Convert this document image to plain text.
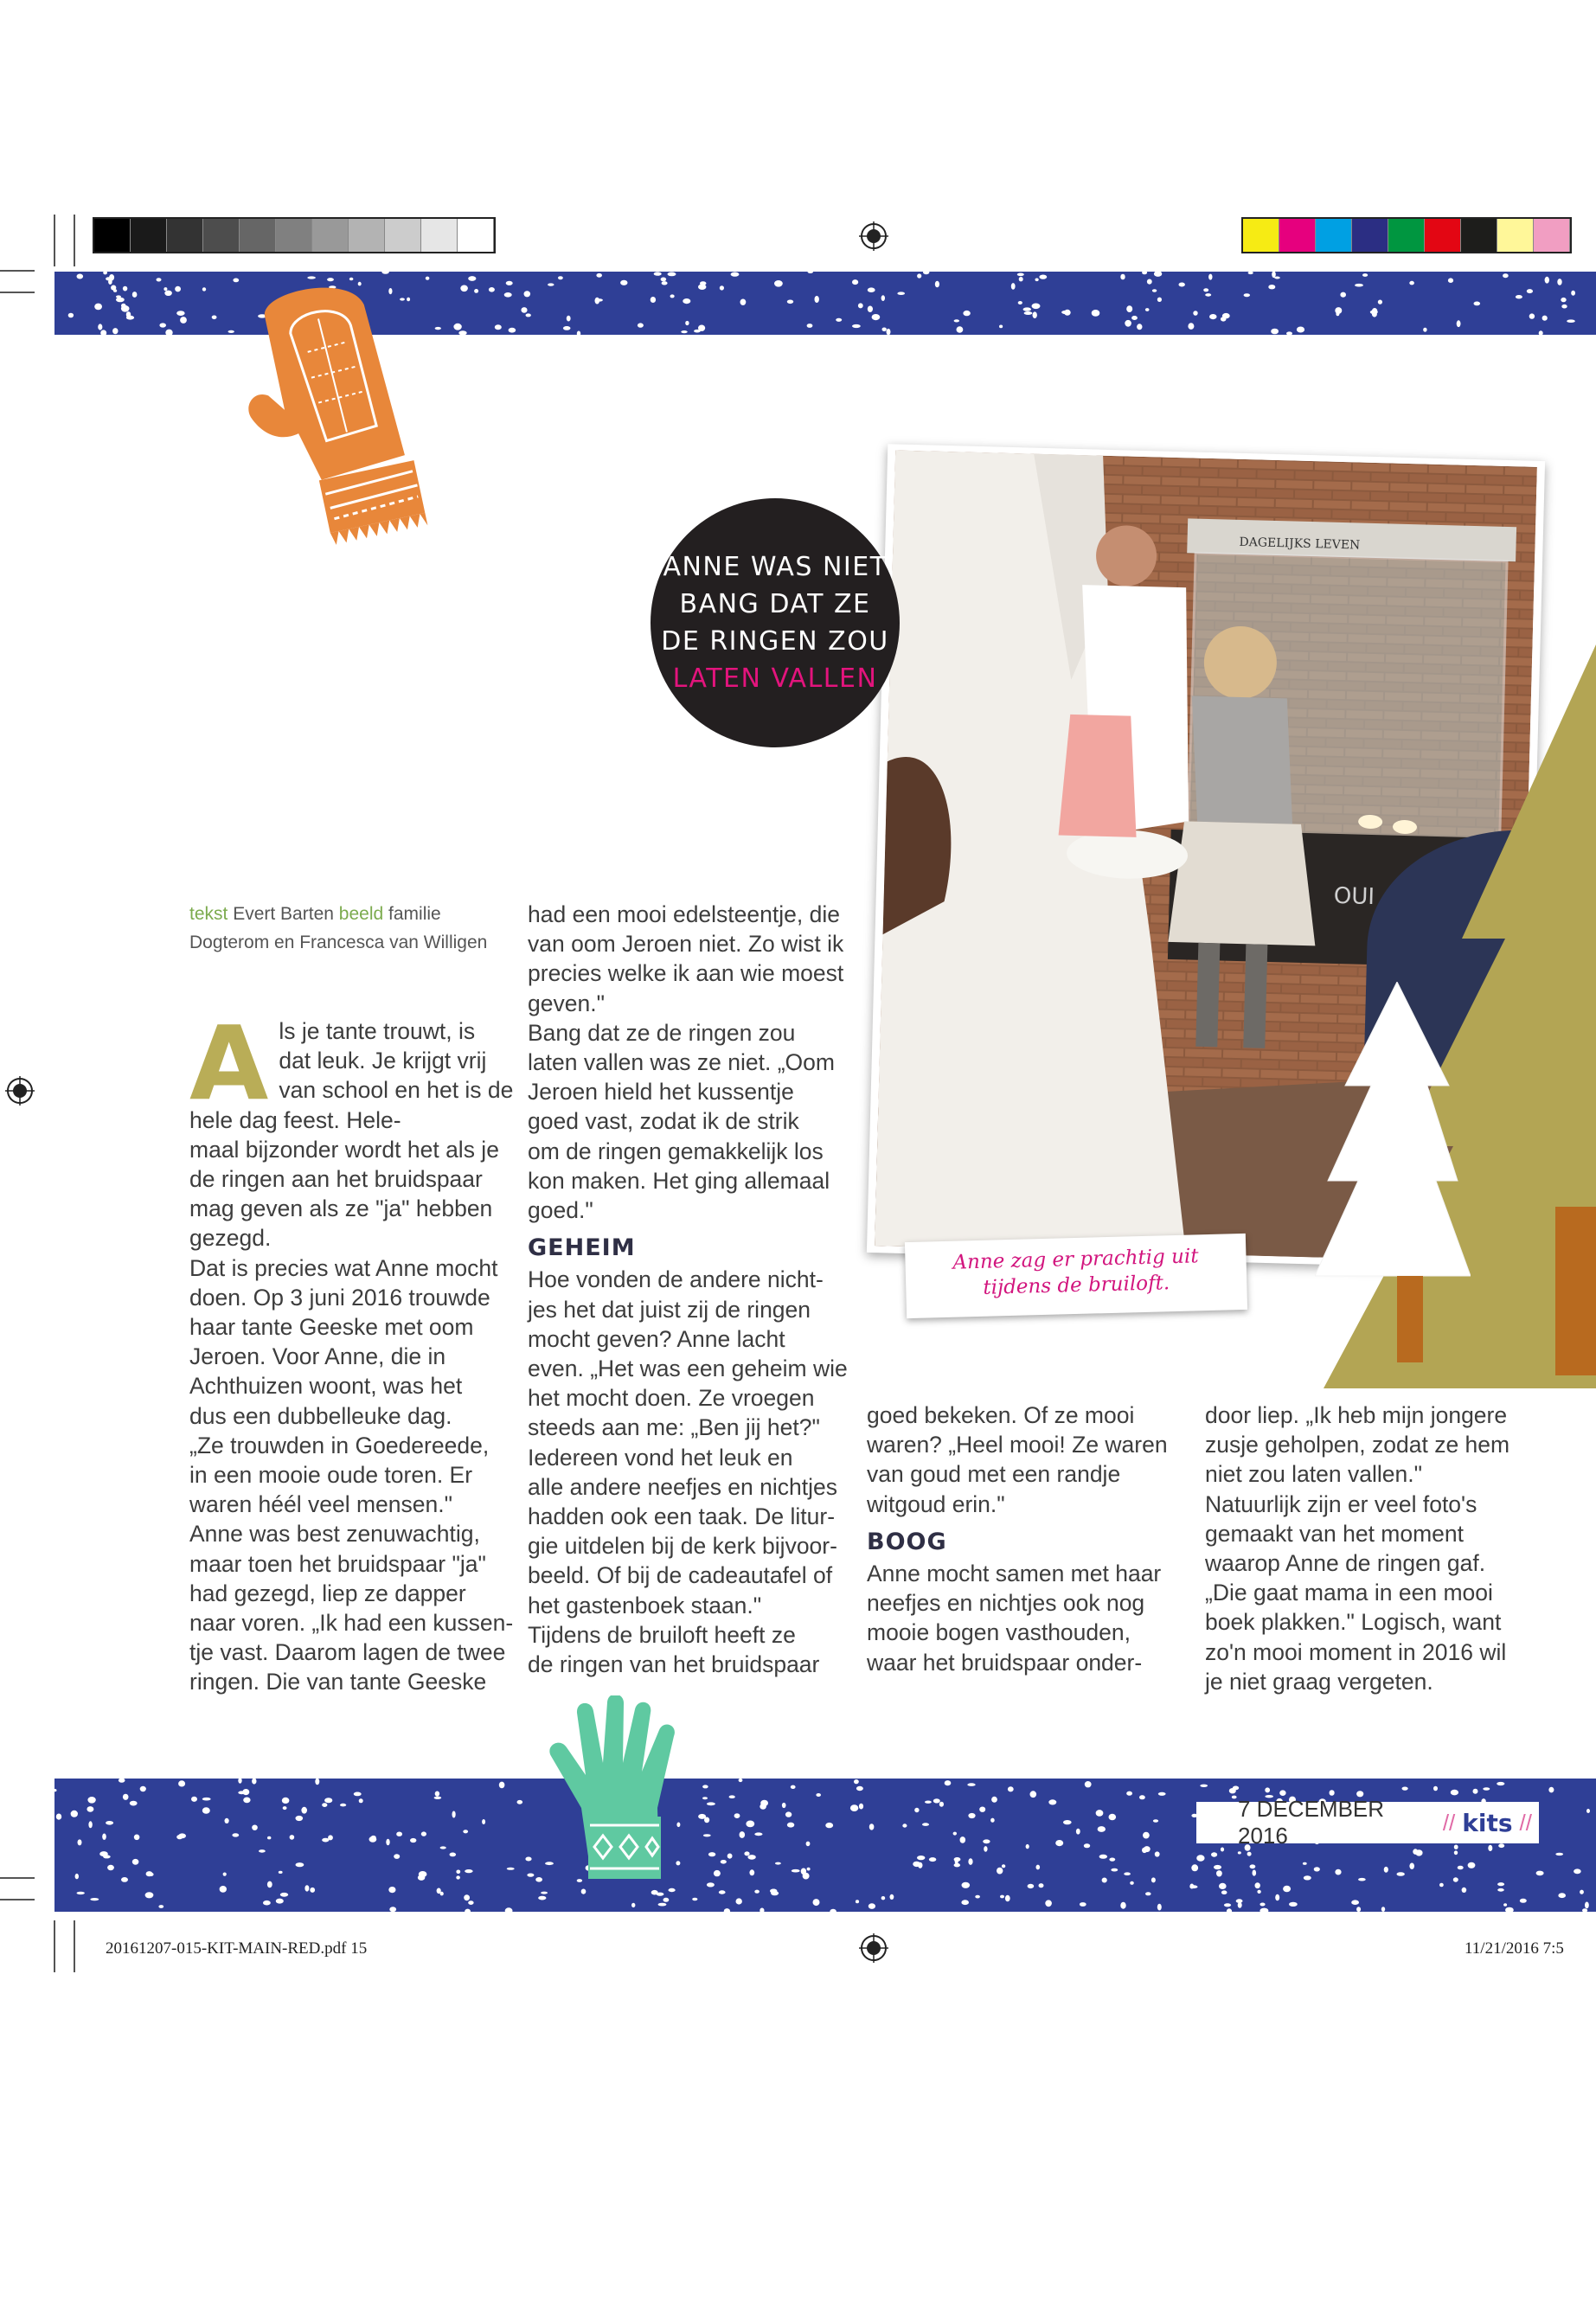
DAGELIJKS LEVEN
OUI
ANNE WAS NIET
BANG DAT ZE
DE RINGEN ZOU
LATEN VALLEN
Anne zag er prachtig uit
tijdens de bruiloft.
tekst Evert Barten beeld familie
Dogterom en Francesca van Willigen
A ls je tante trouwt, is
dat leuk. Je krijgt vrij
van school en het is de
hele dag feest. Hele-
maal bijzonder wordt het als je
de ringen aan het bruidspaar
mag geven als ze "ja" hebben
gezegd.
Dat is precies wat Anne mocht
doen. Op 3 juni 2016 trouwde
haar tante Geeske met oom
Jeroen. Voor Anne, die in
Achthuizen woont, was het
dus een dubbelleuke dag.
„Ze trouwden in Goedereede,
in een mooie oude toren. Er
waren héél veel mensen."
Anne was best zenuwachtig,
maar toen het bruidspaar "ja"
had gezegd, liep ze dapper
naar voren. „Ik had een kussen-
tje vast. Daarom lagen de twee
ringen. Die van tante Geeske
had een mooi edelsteentje, die
van oom Jeroen niet. Zo wist ik
precies welke ik aan wie moest
geven."
Bang dat ze de ringen zou
laten vallen was ze niet. „Oom
Jeroen hield het kussentje
goed vast, zodat ik de strik
om de ringen gemakkelijk los
kon maken. Het ging allemaal
goed."
GEHEIM
Hoe vonden de andere nicht-
jes het dat juist zij de ringen
mocht geven? Anne lacht
even. „Het was een geheim wie
het mocht doen. Ze vroegen
steeds aan me: „Ben jij het?"
Iedereen vond het leuk en
alle andere neefjes en nichtjes
hadden ook een taak. De litur-
gie uitdelen bij de kerk bijvoor-
beeld. Of bij de cadeautafel of
het gastenboek staan."
Tijdens de bruiloft heeft ze
de ringen van het bruidspaar
goed bekeken. Of ze mooi
waren? „Heel mooi! Ze waren
van goud met een randje
witgoud erin."
BOOG
Anne mocht samen met haar
neefjes en nichtjes ook nog
mooie bogen vasthouden,
waar het bruidspaar onder-
door liep. „Ik heb mijn jongere
zusje geholpen, zodat ze hem
niet zou laten vallen."
Natuurlijk zijn er veel foto's
gemaakt van het moment
waarop Anne de ringen gaf.
„Die gaat mama in een mooi
boek plakken." Logisch, want
zo'n mooi moment in 2016 wil
je niet graag vergeten.
7 DECEMBER 2016
// kits //
20161207-015-KIT-MAIN-RED.pdf 15	11/21/2016 7:5
